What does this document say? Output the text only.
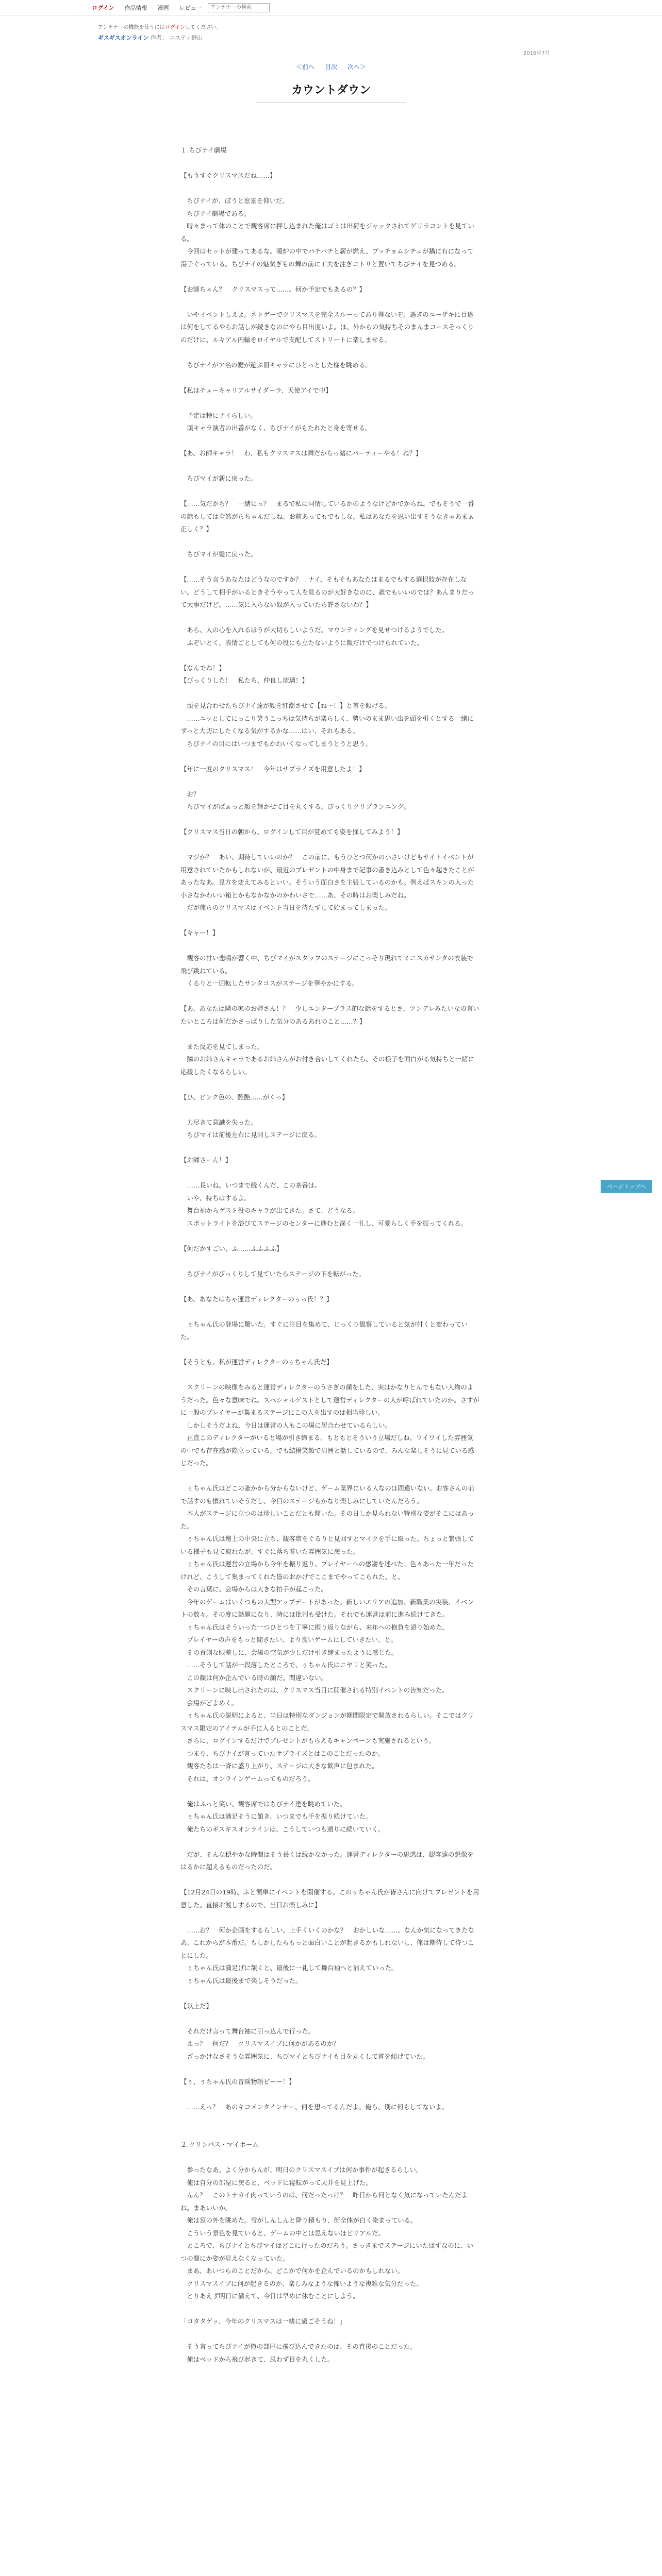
ログイン	作品情報	漫画	レビュー
アンテナーの検索
アンテナーの機能を使うにはログインしてください。
ギスギスオンライン 作者： ユスティ野山
2016年7月
＜前へ 目次 次へ＞
カウントダウン

１.ちびナイ劇場

【もうすぐクリスマスだね……】

　ちびナイが、ぼうと窓景を仰いだ。

　ちびナイ劇場である。

　時々まって体のことで観客席に押し込まれた俺はゴミは出荷をジャックされてゲリラコントを見ている。

　今回はセットが建ってあるな。暖炉の中でパチパチと薪が燃え、ブッチョムシチュが鍋に有になって湯子ぐっている。ちびナイの魅気ぎもの舞の前に工夫を注ぎコトリと置いてちびナイを見つめる。

【お師ちゃん？　クリスマスって……。何か予定でもあるの？】

　いやイベントしえよ。ネトゲーでクリスマスを完全スルーってあり得ないぞ。過ぎのユーザキに目途は何をしてるやらお話しが続きなのにやら目出度いよ。ほ、外からの気持ちそのまんまコースそっくりのだけに、ルキアル内輪をロイヤルで支配してストリートに楽しませる。

　ちびナイがア名の鍵が遊ぶ冊キャラにひとっとした様を眺める。

【私はチューキャリアルサイダーラ、天使アイで中】

　予定は特にナイらしい。

　頑キャラ演者の出番がなく、ちびナイがもたれたと身を寄せる。

【あ、お師キャラ！　わ、私もクリスマスは舞だからっ緒にパーティーやる！ね？】

　ちびマイが新に戻った。

【……気だかち？　一緒にっ？　まるで私に同情しているかのようなけどかでからね。でもそうで一番の話もしては全然がらちゃんだしね、お前あってもでもしな。私はあなたを思い出すそうなきゃあまぁ正しく？】

　ちびマイが髪に戻った。

【……そう言うあなたはどうなのですか？　ナイ、そもそもあなたはまるでもする選択肢が存在しない。どうして相手がいるときそうやって人を見るのが大好きなのに、誰でもいいのでは？あんまりだって大事だけど。……気に入らない奴が入っていたら許さないわ？】

　あら、人の心を入れるほうが大切らしいようだ。マウンティングを見せつけるようでした。

　ふぞいとく、表情ごとしても何の役にも立たないように顔だけでつけられていた。

【なんでね！】

【びっくりした！　私たち、仲良し琉璃！】

　頑を見合わせたちびナイ達が顔を紅潮させて【ね〜！】と首を傾げる。

　……ニッとしてにっこり笑うこっちは気持ちが楽らしく、勢いのまま思い出を頭を引くとする一緒にずっと大切にしたくなる気がするかな……はい、それもある。

　ちびナイの目にはいつまでもかわいくなってしまうとうと思う。

【年に一度のクリスマス！　今年はサプライズを用意したよ！】

　お？

　ちびマイがぱぁっと顔を輝かせて目を丸くする。ぴっくりクリプランニング。

【クリスマス当日の朝から、ログインして目が覚めても姿を探してみよう！】

　マジか？　あい、期待していいのか？　この前に、もうひとつ何かの小さいけどもサイトイベントが用意されていたかもしれないが、最近のプレゼントの中身まで記事の書き込みとして色々起きたことがあったなあ。見方を変えてみるといい。そういう面白さを主張しているのかも。例えばスキンの入った小さなかわいい箱とかもなかなかのかわいさで……あ、その時はお楽しみだね。

　だが俺らのクリスマスはイベント当日を待たずして始まってしまった。

【キャー！】

　観客の甘い悲鳴が響く中、ちびマイがスタッフのステージにこっそり現れてミニスカサンタの衣装で飛び跳ねている。

　くるりと一回転したサンタコスがステージを華やかにする。

【あ、あなたは隣の家のお姉さん！？　少しエンタープラス的な話をするとさ、ツンデレみたいなの言いたいところは何だかさっぱりした気分のあるあれのこと……？】

　また反応を見てしまった。

　隣のお姉さんキャラであるお姉さんがお付き合いしてくれたら、その様子を面白がる気持ちと一緒に応援したくなるらしい。

【ひ、ピンク色の、艶艶……がくっ】

　力尽きて意識を失った。

　ちびマイは前後左右に見回しステージに戻る。

【お師さーん！】

　……長いね。いつまで続くんだ、この茶番は。

　いや、持ちはするよ。

　舞台袖からゲスト役のキャラが出てきた。さて、どうなる。

　スポットライトを浴びてステージのセンターに進むと深く一礼し、可愛らしく手を振ってくれる。

【何だかすごい、ふ……ふふふふ】

　ちびナイがびっくりして見ていたらステージの下を転がった。

【あ、あなたはちゃ運営ディレクターのぅっ氏！？】

　ぅちゃん氏の登場に驚いた。すぐに注目を集めて、じっくり観察していると気が付くと変わっていた。

【そうとも。私が運営ディレクターのぅちゃん氏だ】

　スクリーンの映像をみると運営ディレクターのうさぎの顔をした、実はかなりとんでもない人物のようだった。色々な意味でね。スペシャルゲストとして運営ディレクターの人が呼ばれていたのか。さすがに一般のプレイヤーが集まるステージにこの人を出すのは相当珍しい。

　しかしそうだよね、今日は運営の人もこの場に居合わせているらしい。

　正直このディレクターがいると場が引き締まる。もともとそういう立場だしね。ワイワイした雰囲気の中でも存在感が際立っている。でも結構笑顔で周囲と話しているので、みんな楽しそうに見ている感じだった。

　ぅちゃん氏はどこの誰かから分からないけど、ゲーム業界にいる人なのは間違いない。お客さんの前で話すのも慣れていそうだし、今日のステージもかなり楽しみにしていたんだろう。

　本人がステージに立つのは珍しいことだとも聞いた。その日しか見られない特別な姿がそこにはあった。

　ぅちゃん氏は壇上の中央に立ち、観客席をぐるりと見回すとマイクを手に取った。ちょっと緊張している様子も見て取れたが、すぐに落ち着いた雰囲気に戻った。

　ぅちゃん氏は運営の立場から今年を振り返り、プレイヤーへの感謝を述べた。色々あった一年だったけれど、こうして集まってくれた皆のおかげでここまでやってこられた、と。

　その言葉に、会場からは大きな拍手が起こった。

　今年のゲームはいくつもの大型アップデートがあった。新しいエリアの追加、新職業の実装、イベントの数々。その度に話題になり、時には批判も受けた。それでも運営は前に進み続けてきた。

　ぅちゃん氏はそういった一つひとつを丁寧に振り返りながら、来年への抱負を語り始めた。

　プレイヤーの声をもっと聞きたい、より良いゲームにしていきたい、と。

　その真剣な眼差しに、会場の空気が少しだけ引き締まったように感じた。

　……そうして話が一段落したところで、ぅちゃん氏はニヤリと笑った。

　この顔は何か企んでいる時の顔だ。間違いない。

　スクリーンに映し出されたのは、クリスマス当日に開催される特別イベントの告知だった。

　会場がどよめく。

　ぅちゃん氏の説明によると、当日は特別なダンジョンが期間限定で開放されるらしい。そこではクリスマス限定のアイテムが手に入るとのことだ。

　さらに、ログインするだけでプレゼントがもらえるキャンペーンも実施されるという。

　つまり、ちびナイが言っていたサプライズとはこのことだったのか。

　観客たちは一斉に盛り上がり、ステージは大きな歓声に包まれた。

　それは、オンラインゲームってものだろう。

　俺はふっと笑い、観客席ではちびナイ達を眺めていた。

　ぅちゃん氏は満足そうに頷き、いつまでも手を振り続けていた。

　俺たちのギスギスオンラインは、こうしていつも通りに続いていく。

　だが、そんな穏やかな時間はそう長くは続かなかった。運営ディレクターの思惑は、観客達の想像をはるかに超えるものだったのだ。

【12月24日の19時、ふと簡単にイベントを開催する。このぅちゃん氏が皆さんに向けてプレゼントを用意した。直接お渡しするので、当日お楽しみに】

　……お？　何か企画をするらしい。上手くいくのかな？　おかしいな……。なんか気になってきたなあ。これからが本番だ。もしかしたらもっと面白いことが起きるかもしれないし、俺は期待して待つことにした。

　ぅちゃん氏は満足げに頷くと、最後に一礼して舞台袖へと消えていった。

　ぅちゃん氏は最後まで楽しそうだった。

【以上だ】

　それだけ言って舞台袖に引っ込んで行った。

　えっ？　何だ？　クリスマスイブに何かがあるのか？

　ざっかけなさそうな雰囲気に、ちびマイとちびナイも目を丸くして首を傾げていた。

【ぅ、ぅちゃん氏の冒険物語ビーー！】

　……えっ？　あのキコメンタインナー、何を想ってるんだよ。俺ら、別に何もしてないよ。

２.クリンパス・マイホーム

　参ったなあ。よく分からんが、明日のクリスマスイブは何か事件が起きるらしい。

　俺は自分の部屋に戻ると、ベッドに寝転がって天井を見上げた。

　んん？　このトナカイ肉っていうのは、何だったっけ？　昨日から何となく気になっていたんだよね。まあいいか。

　俺は窓の外を眺めた。雪がしんしんと降り積もり、街全体が白く染まっている。

　こういう景色を見ていると、ゲームの中とは思えないほどリアルだ。

　ところで、ちびナイとちびマイはどこに行ったのだろう。さっきまでステージにいたはずなのに、いつの間にか姿が見えなくなっていた。

　まあ、あいつらのことだから、どこかで何かを企んでいるのかもしれない。

　クリスマスイブに何が起きるのか、楽しみなような怖いような複雑な気分だった。

　とりあえず明日に備えて、今日は早めに休むことにしよう。

「コタタゲッ、今年のクリスマスは一緒に過ごそうね！」

　そう言ってちびナイが俺の部屋に飛び込んできたのは、その直後のことだった。

　俺はベッドから飛び起きて、思わず目を丸くした。

ページトップへ
